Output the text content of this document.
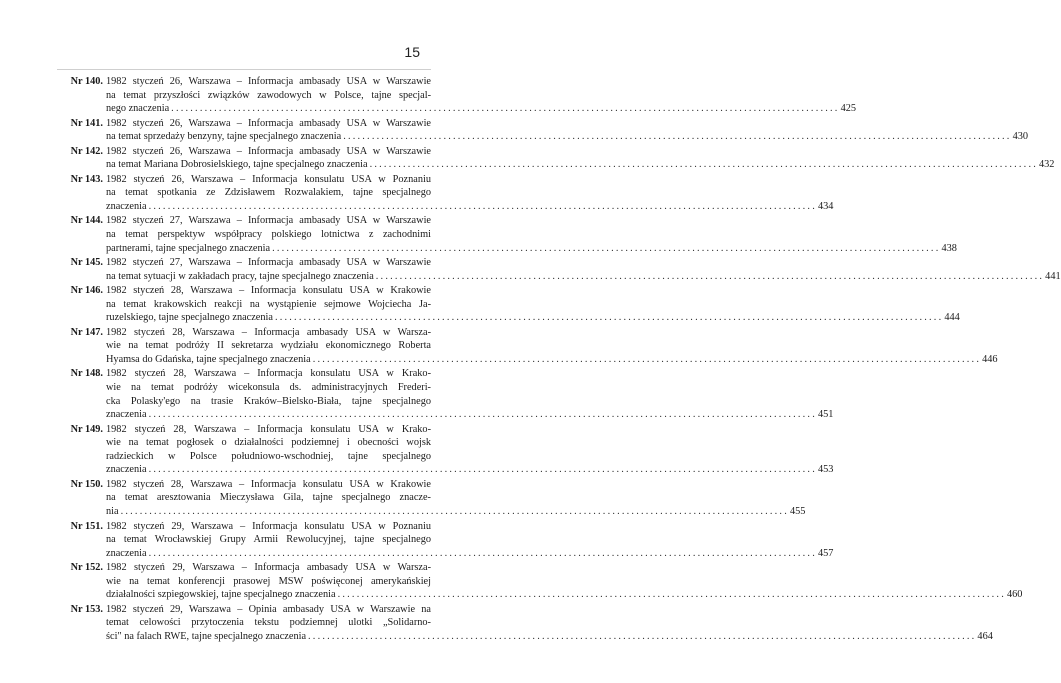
15
Nr 140. 1982 styczeń 26, Warszawa – Informacja ambasady USA w Warszawie
na temat przyszłości związków zawodowych w Polsce, tajne specjal-
nego znaczenia ............................................................................................................................................ 425
Nr 141. 1982 styczeń 26, Warszawa – Informacja ambasady USA w Warszawie
na temat sprzedaży benzyny, tajne specjalnego znaczenia ............................................................................................................................................ 430
Nr 142. 1982 styczeń 26, Warszawa – Informacja ambasady USA w Warszawie
na temat Mariana Dobrosielskiego, tajne specjalnego znaczenia ............................................................................................................................................ 432
Nr 143. 1982 styczeń 26, Warszawa – Informacja konsulatu USA w Poznaniu
na temat spotkania ze Zdzisławem Rozwalakiem, tajne specjalnego
znaczenia ............................................................................................................................................ 434
Nr 144. 1982 styczeń 27, Warszawa – Informacja ambasady USA w Warszawie
na temat perspektyw współpracy polskiego lotnictwa z zachodnimi
partnerami, tajne specjalnego znaczenia ............................................................................................................................................ 438
Nr 145. 1982 styczeń 27, Warszawa – Informacja ambasady USA w Warszawie
na temat sytuacji w zakładach pracy, tajne specjalnego znaczenia ............................................................................................................................................ 441
Nr 146. 1982 styczeń 28, Warszawa – Informacja konsulatu USA w Krakowie
na temat krakowskich reakcji na wystąpienie sejmowe Wojciecha Ja-
ruzelskiego, tajne specjalnego znaczenia ............................................................................................................................................ 444
Nr 147. 1982 styczeń 28, Warszawa – Informacja ambasady USA w Warsza-
wie na temat podróży II sekretarza wydziału ekonomicznego Roberta
Hyamsa do Gdańska, tajne specjalnego znaczenia ............................................................................................................................................ 446
Nr 148. 1982 styczeń 28, Warszawa – Informacja konsulatu USA w Krako-
wie na temat podróży wicekonsula ds. administracyjnych Frederi-
cka Polasky'ego na trasie Kraków–Bielsko-Biała, tajne specjalnego
znaczenia ............................................................................................................................................ 451
Nr 149. 1982 styczeń 28, Warszawa – Informacja konsulatu USA w Krako-
wie na temat pogłosek o działalności podziemnej i obecności wojsk
radzieckich w Polsce południowo-wschodniej, tajne specjalnego
znaczenia ............................................................................................................................................ 453
Nr 150. 1982 styczeń 28, Warszawa – Informacja konsulatu USA w Krakowie
na temat aresztowania Mieczysława Gila, tajne specjalnego znacze-
nia ............................................................................................................................................ 455
Nr 151. 1982 styczeń 29, Warszawa – Informacja konsulatu USA w Poznaniu
na temat Wrocławskiej Grupy Armii Rewolucyjnej, tajne specjalnego
znaczenia ............................................................................................................................................ 457
Nr 152. 1982 styczeń 29, Warszawa – Informacja ambasady USA w Warsza-
wie na temat konferencji prasowej MSW poświęconej amerykańskiej
działalności szpiegowskiej, tajne specjalnego znaczenia ............................................................................................................................................ 460
Nr 153. 1982 styczeń 29, Warszawa – Opinia ambasady USA w Warszawie na
temat celowości przytoczenia tekstu podziemnej ulotki „Solidarno-
ści" na falach RWE, tajne specjalnego znaczenia ............................................................................................................................................ 464
